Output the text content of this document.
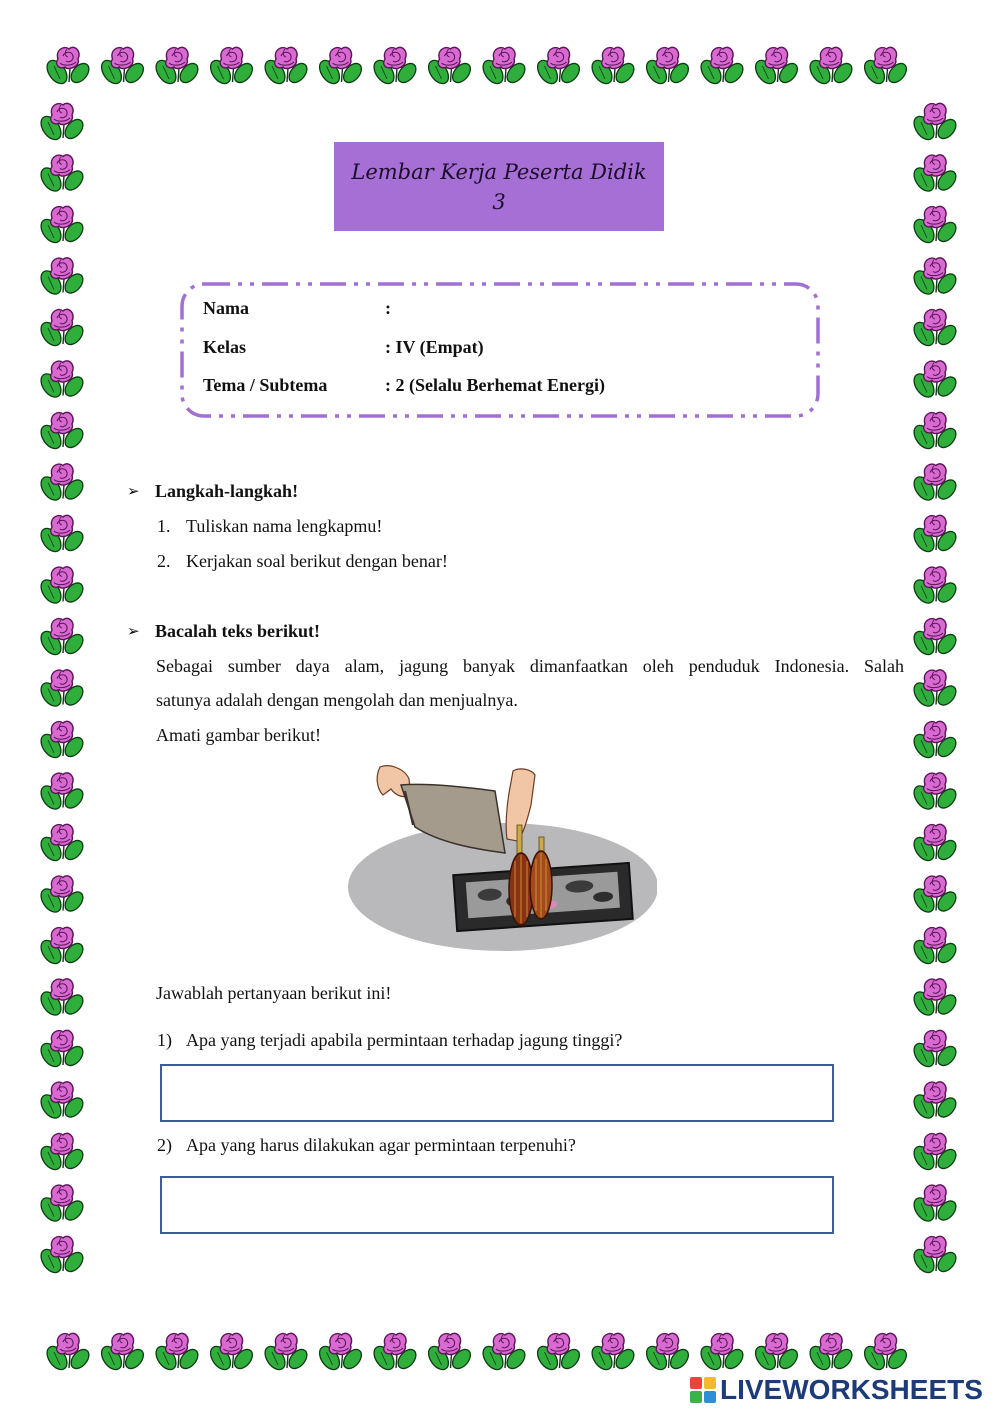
Lembar Kerja Peserta Didik
3
Nama	:
Kelas	: IV (Empat)
Tema / Subtema	: 2 (Selalu Berhemat Energi)
➢ Langkah-langkah!
1. Tuliskan nama lengkapmu!
2. Kerjakan soal berikut dengan benar!
➢ Bacalah teks berikut!
Sebagai sumber daya alam, jagung banyak dimanfaatkan oleh penduduk Indonesia. Salah
satunya adalah dengan mengolah dan menjualnya.
Amati gambar berikut!
Jawablah pertanyaan berikut ini!
1) Apa yang terjadi apabila permintaan terhadap jagung tinggi?
2) Apa yang harus dilakukan agar permintaan terpenuhi?
LIVEWORKSHEETS
